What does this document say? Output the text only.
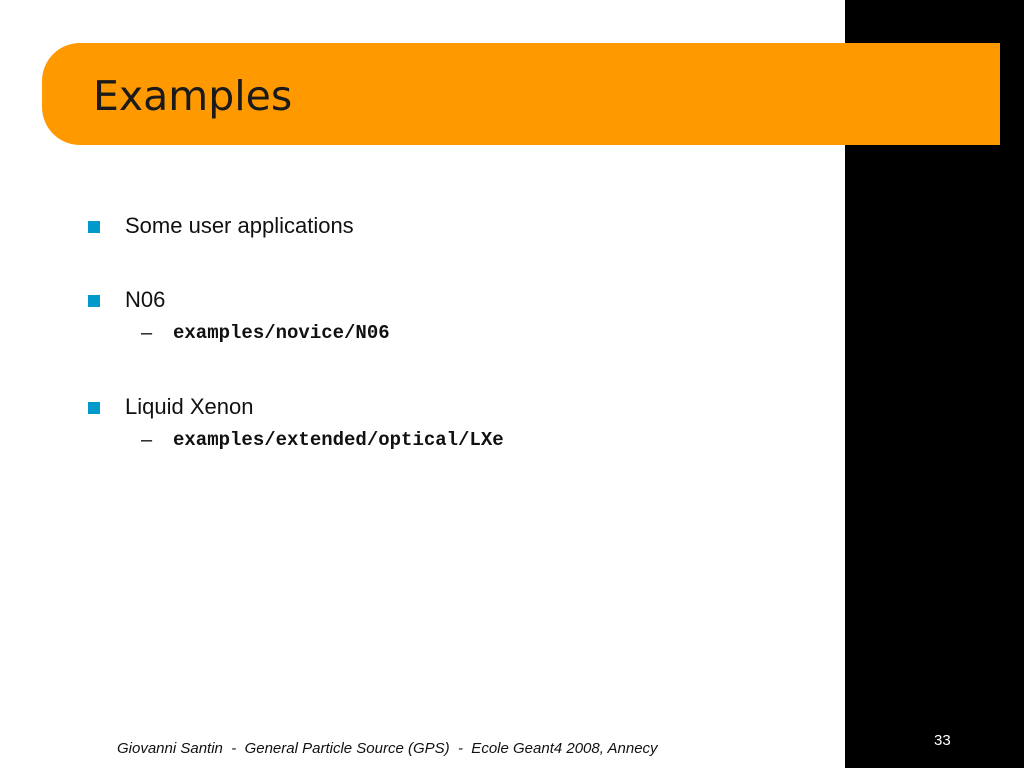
Examples
Some user applications
N06
– examples/novice/N06
Liquid Xenon
– examples/extended/optical/LXe
Giovanni Santin  -  General Particle Source (GPS)  -  Ecole Geant4 2008, Annecy	33
